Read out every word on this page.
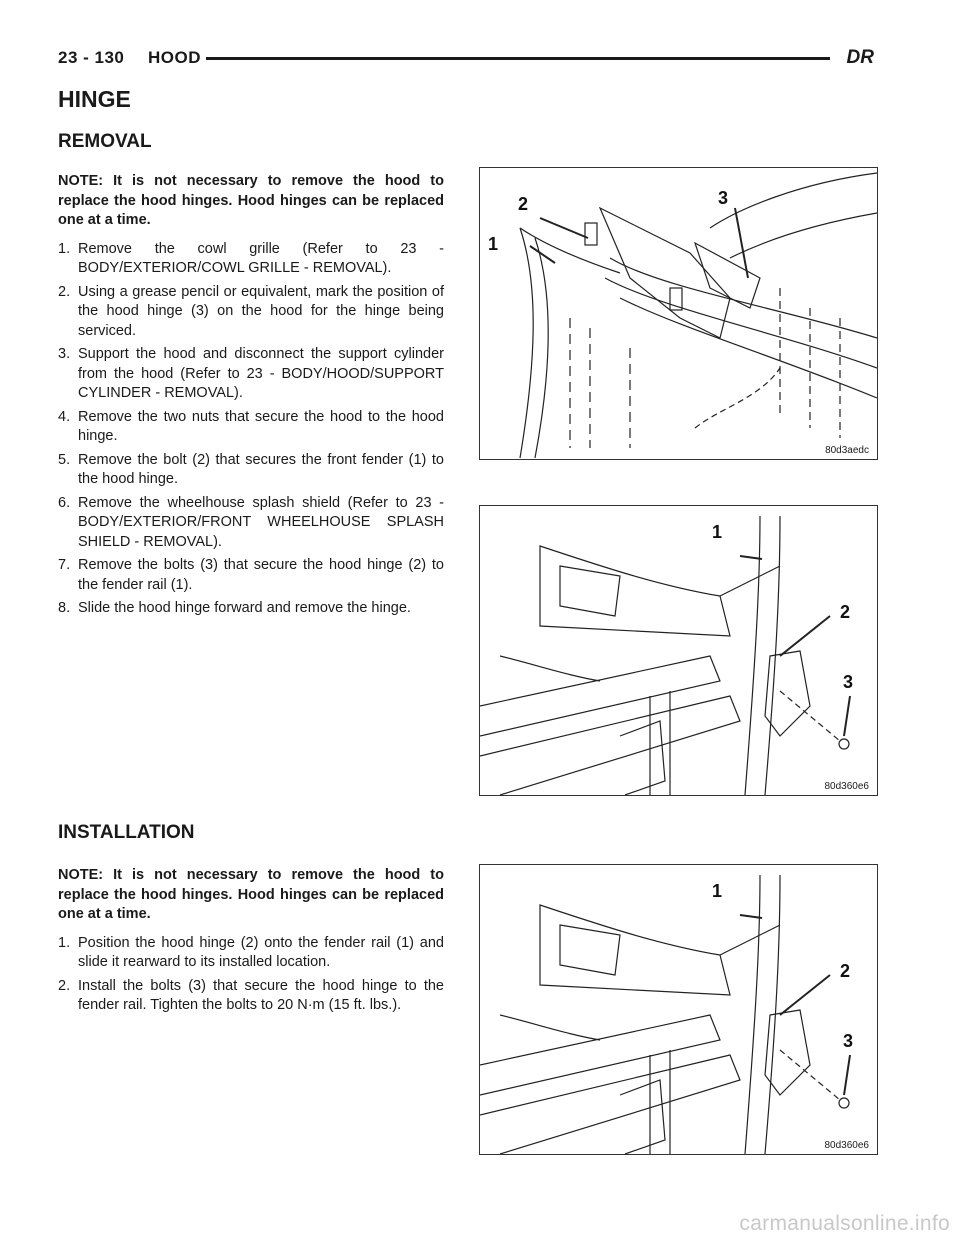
23 - 130 HOOD	DR
HINGE
REMOVAL

NOTE: It is not necessary to remove the hood to replace the hood hinges. Hood hinges can be replaced one at a time.

1. Remove the cowl grille (Refer to 23 - BODY/EXTERIOR/COWL GRILLE - REMOVAL).
2. Using a grease pencil or equivalent, mark the position of the hood hinge (3) on the hood for the hinge being serviced.
3. Support the hood and disconnect the support cylinder from the hood (Refer to 23 - BODY/HOOD/SUPPORT CYLINDER - REMOVAL).
4. Remove the two nuts that secure the hood to the hood hinge.
5. Remove the bolt (2) that secures the front fender (1) to the hood hinge.
6. Remove the wheelhouse splash shield (Refer to 23 - BODY/EXTERIOR/FRONT WHEELHOUSE SPLASH SHIELD - REMOVAL).
7. Remove the bolts (3) that secure the hood hinge (2) to the fender rail (1).
8. Slide the hood hinge forward and remove the hinge.
INSTALLATION

NOTE: It is not necessary to remove the hood to replace the hood hinges. Hood hinges can be replaced one at a time.

1. Position the hood hinge (2) onto the fender rail (1) and slide it rearward to its installed location.
2. Install the bolts (3) that secure the hood hinge to the fender rail. Tighten the bolts to 20 N·m (15 ft. lbs.).
1
2	3
80d3aedc
1
2
3
80d360e6
1
2
3
80d360e6
carmanualsonline.info
